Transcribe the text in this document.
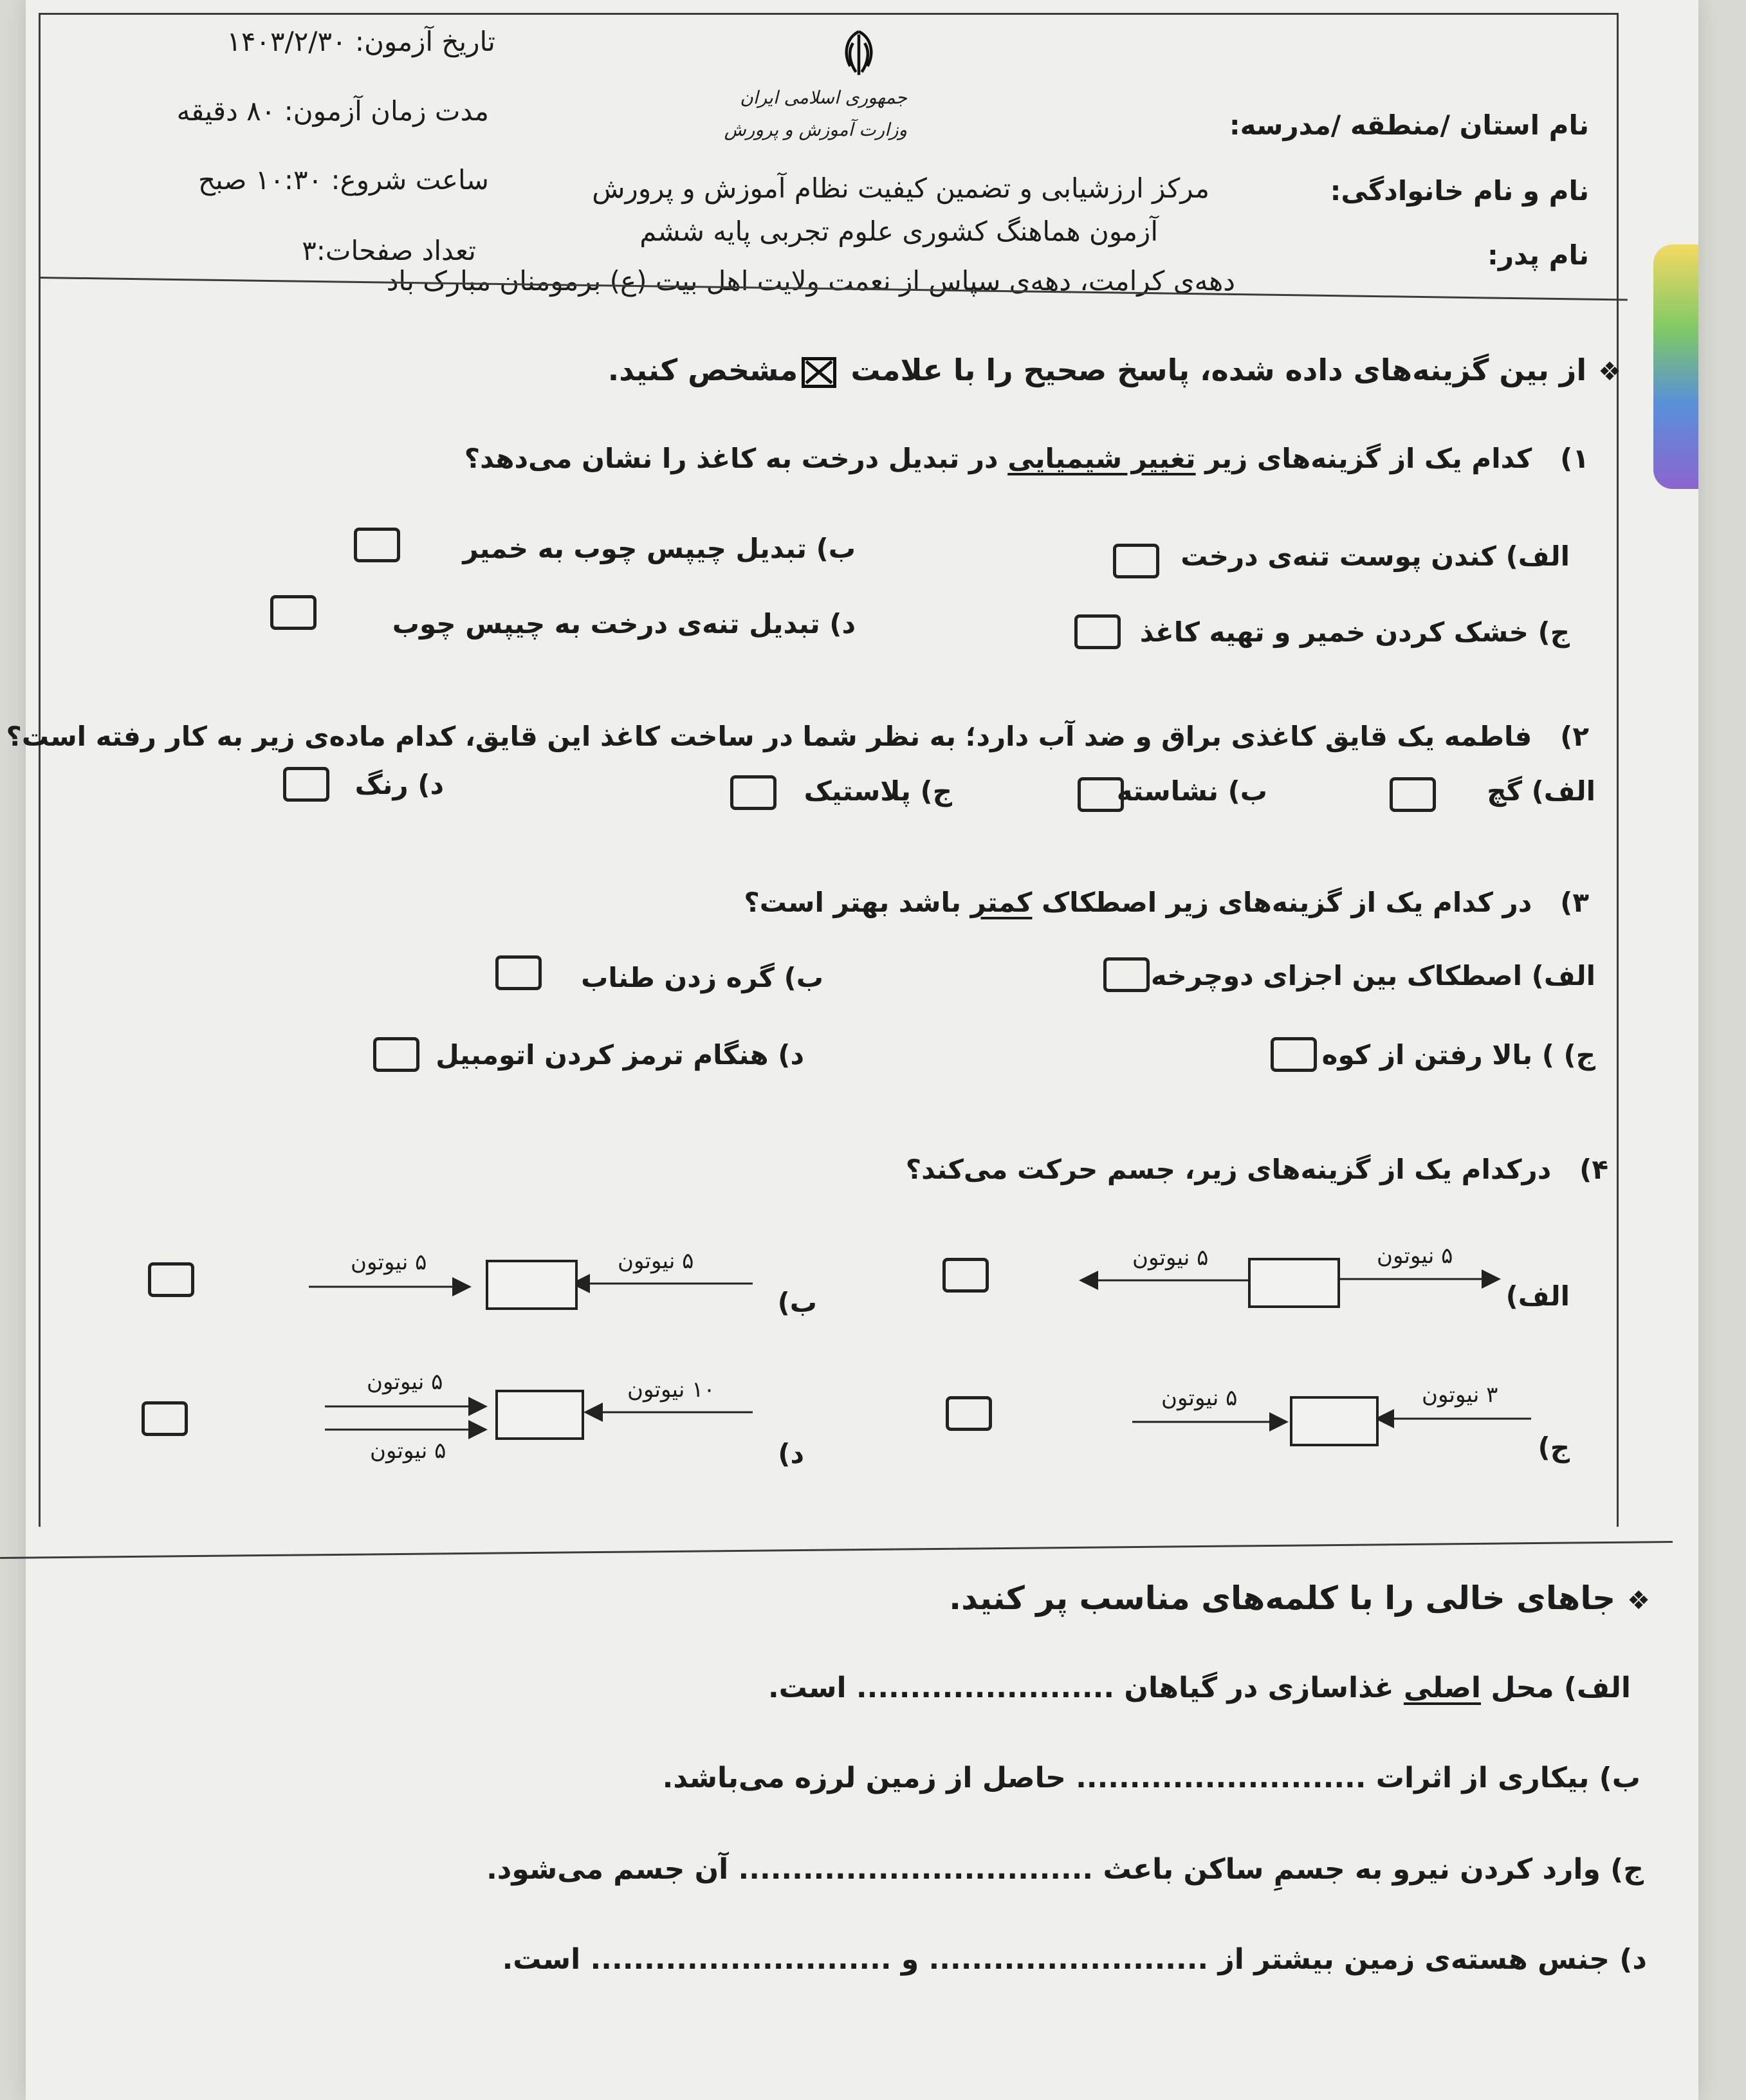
تاریخ آزمون: ۱۴۰۳/۲/۳۰
مدت زمان آزمون: ۸۰ دقیقه
ساعت شروع: ۱۰:۳۰ صبح
تعداد صفحات:۳
جمهوری اسلامی ایران
وزارت آموزش و پرورش
مرکز ارزشیابی و تضمین کیفیت نظام آموزش و پرورش
آزمون هماهنگ کشوری علوم تجربی پایه ششم
دهه‌ی کرامت، دهه‌ی سپاس از نعمت ولایت اهل بیت (ع) برمومنان مبارک باد
نام استان /منطقه /مدرسه:
نام و نام خانوادگی:
نام پدر:
❖از بین گزینه‌های داده شده، پاسخ صحیح را با علامت مشخص کنید.
۱)   کدام یک از گزینه‌های زیر تغییر شیمیایی در تبدیل درخت به کاغذ را نشان می‌دهد؟
الف) کندن پوست تنه‌ی درخت
ب) تبدیل چیپس چوب به خمیر
ج) خشک کردن خمیر و تهیه کاغذ
د) تبدیل تنه‌ی درخت به چیپس چوب
۲)   فاطمه یک قایق کاغذی براق و ضد آب دارد؛ به نظر شما در ساخت کاغذ این قایق، کدام ماده‌ی زیر به کار رفته است؟
الف) گچ
ب) نشاسته
ج) پلاستیک
د) رنگ
۳)   در کدام یک از گزینه‌های زیر اصطکاک کمتر باشد بهتر است؟
الف) اصطکاک بین اجزای دوچرخه
ب) گره زدن طناب
ج) ) بالا رفتن از کوه
د) هنگام ترمز کردن اتومبیل
۴)   درکدام یک از گزینه‌های زیر، جسم حرکت می‌کند؟
۵ نیوتون	۵ نیوتون
۵ نیوتون	۵ نیوتون
۵ نیوتون	۳ نیوتون
۵ نیوتون
۵ نیوتون
۱۰ نیوتون
الف)
ب)
ج)
د)
❖جاهای خالی را با کلمه‌های مناسب پر کنید.
الف) محل اصلی غذاسازی در گیاهان ........................ است.
ب) بیکاری از اثرات ........................... حاصل از زمین لرزه می‌باشد.
ج) وارد کردن نیرو به جسمِ ساکن باعث ................................. آن جسم می‌شود.
د) جنس هسته‌ی زمین بیشتر از .......................... و ............................ است.
